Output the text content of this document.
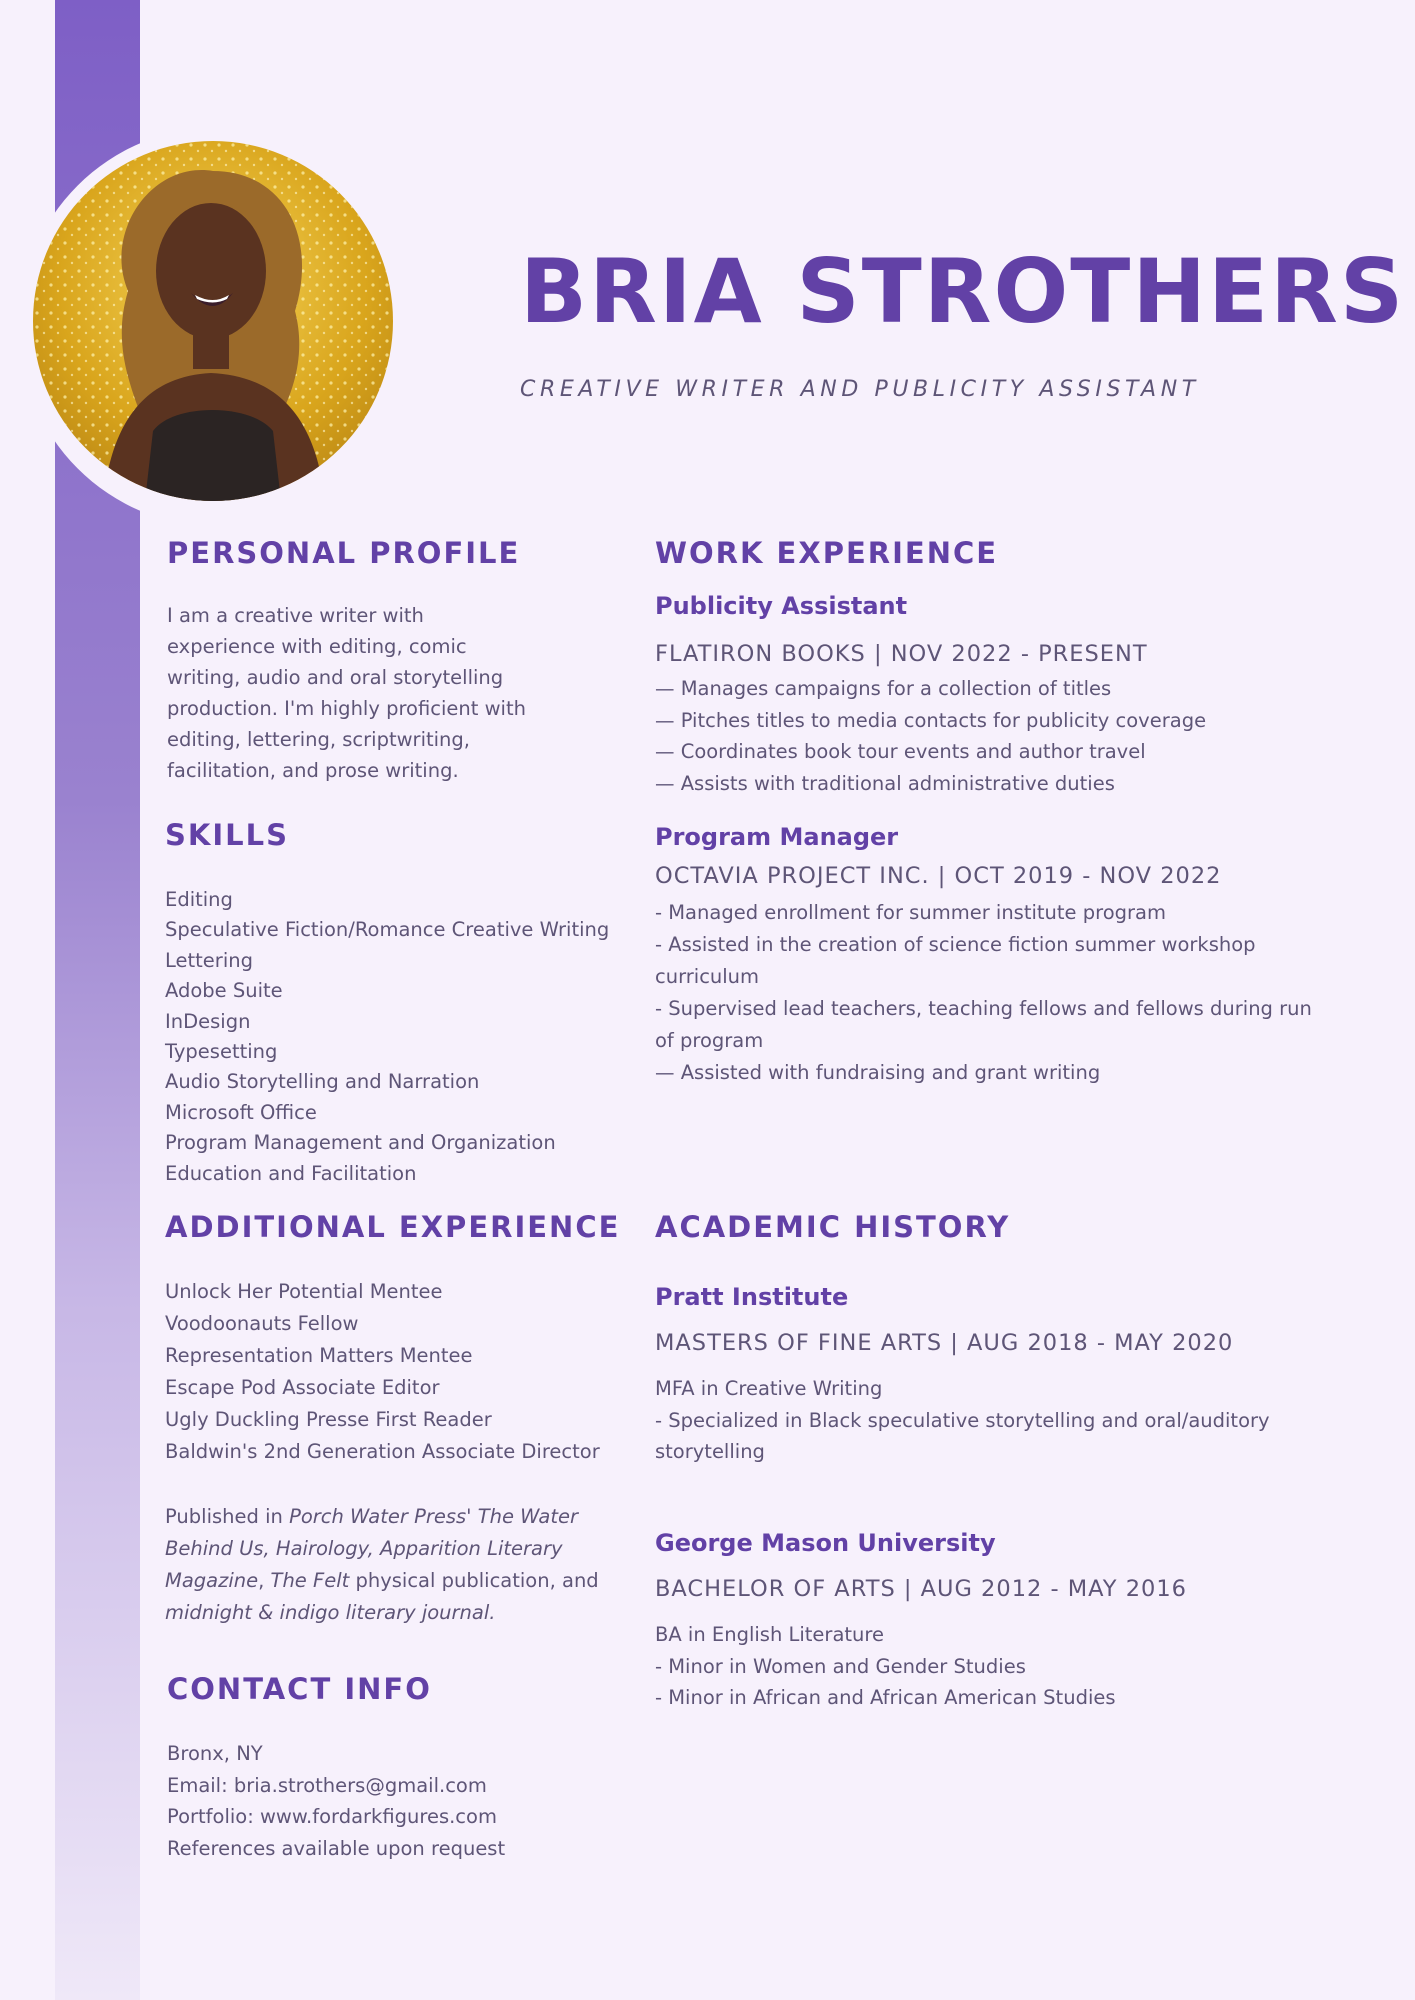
BRIA STROTHERS
CREATIVE WRITER AND PUBLICITY ASSISTANT
PERSONAL PROFILE
I am a creative writer with
experience with editing, comic
writing, audio and oral storytelling
production. I'm highly proficient with
editing, lettering, scriptwriting,
facilitation, and prose writing.
SKILLS
Editing
Speculative Fiction/Romance Creative Writing
Lettering
Adobe Suite
InDesign
Typesetting
Audio Storytelling and Narration
Microsoft Office
Program Management and Organization
Education and Facilitation
ADDITIONAL EXPERIENCE
Unlock Her Potential Mentee
Voodoonauts Fellow
Representation Matters Mentee
Escape Pod Associate Editor
Ugly Duckling Presse First Reader
Baldwin's 2nd Generation Associate Director
Published in Porch Water Press' The Water
Behind Us, Hairology, Apparition Literary
Magazine, The Felt physical publication, and
midnight & indigo literary journal.
CONTACT INFO
Bronx, NY
Email: bria.strothers@gmail.com
Portfolio: www.fordarkfigures.com
References available upon request
WORK EXPERIENCE
Publicity Assistant
FLATIRON BOOKS | NOV 2022 - PRESENT
— Manages campaigns for a collection of titles
— Pitches titles to media contacts for publicity coverage
— Coordinates book tour events and author travel
— Assists with traditional administrative duties
Program Manager
OCTAVIA PROJECT INC. | OCT 2019 - NOV 2022
- Managed enrollment for summer institute program
- Assisted in the creation of science fiction summer workshop
curriculum
- Supervised lead teachers, teaching fellows and fellows during run
of program
— Assisted with fundraising and grant writing
ACADEMIC HISTORY
Pratt Institute
MASTERS OF FINE ARTS | AUG 2018 - MAY 2020
MFA in Creative Writing
- Specialized in Black speculative storytelling and oral/auditory
storytelling
George Mason University
BACHELOR OF ARTS | AUG 2012 - MAY 2016
BA in English Literature
- Minor in Women and Gender Studies
- Minor in African and African American Studies
